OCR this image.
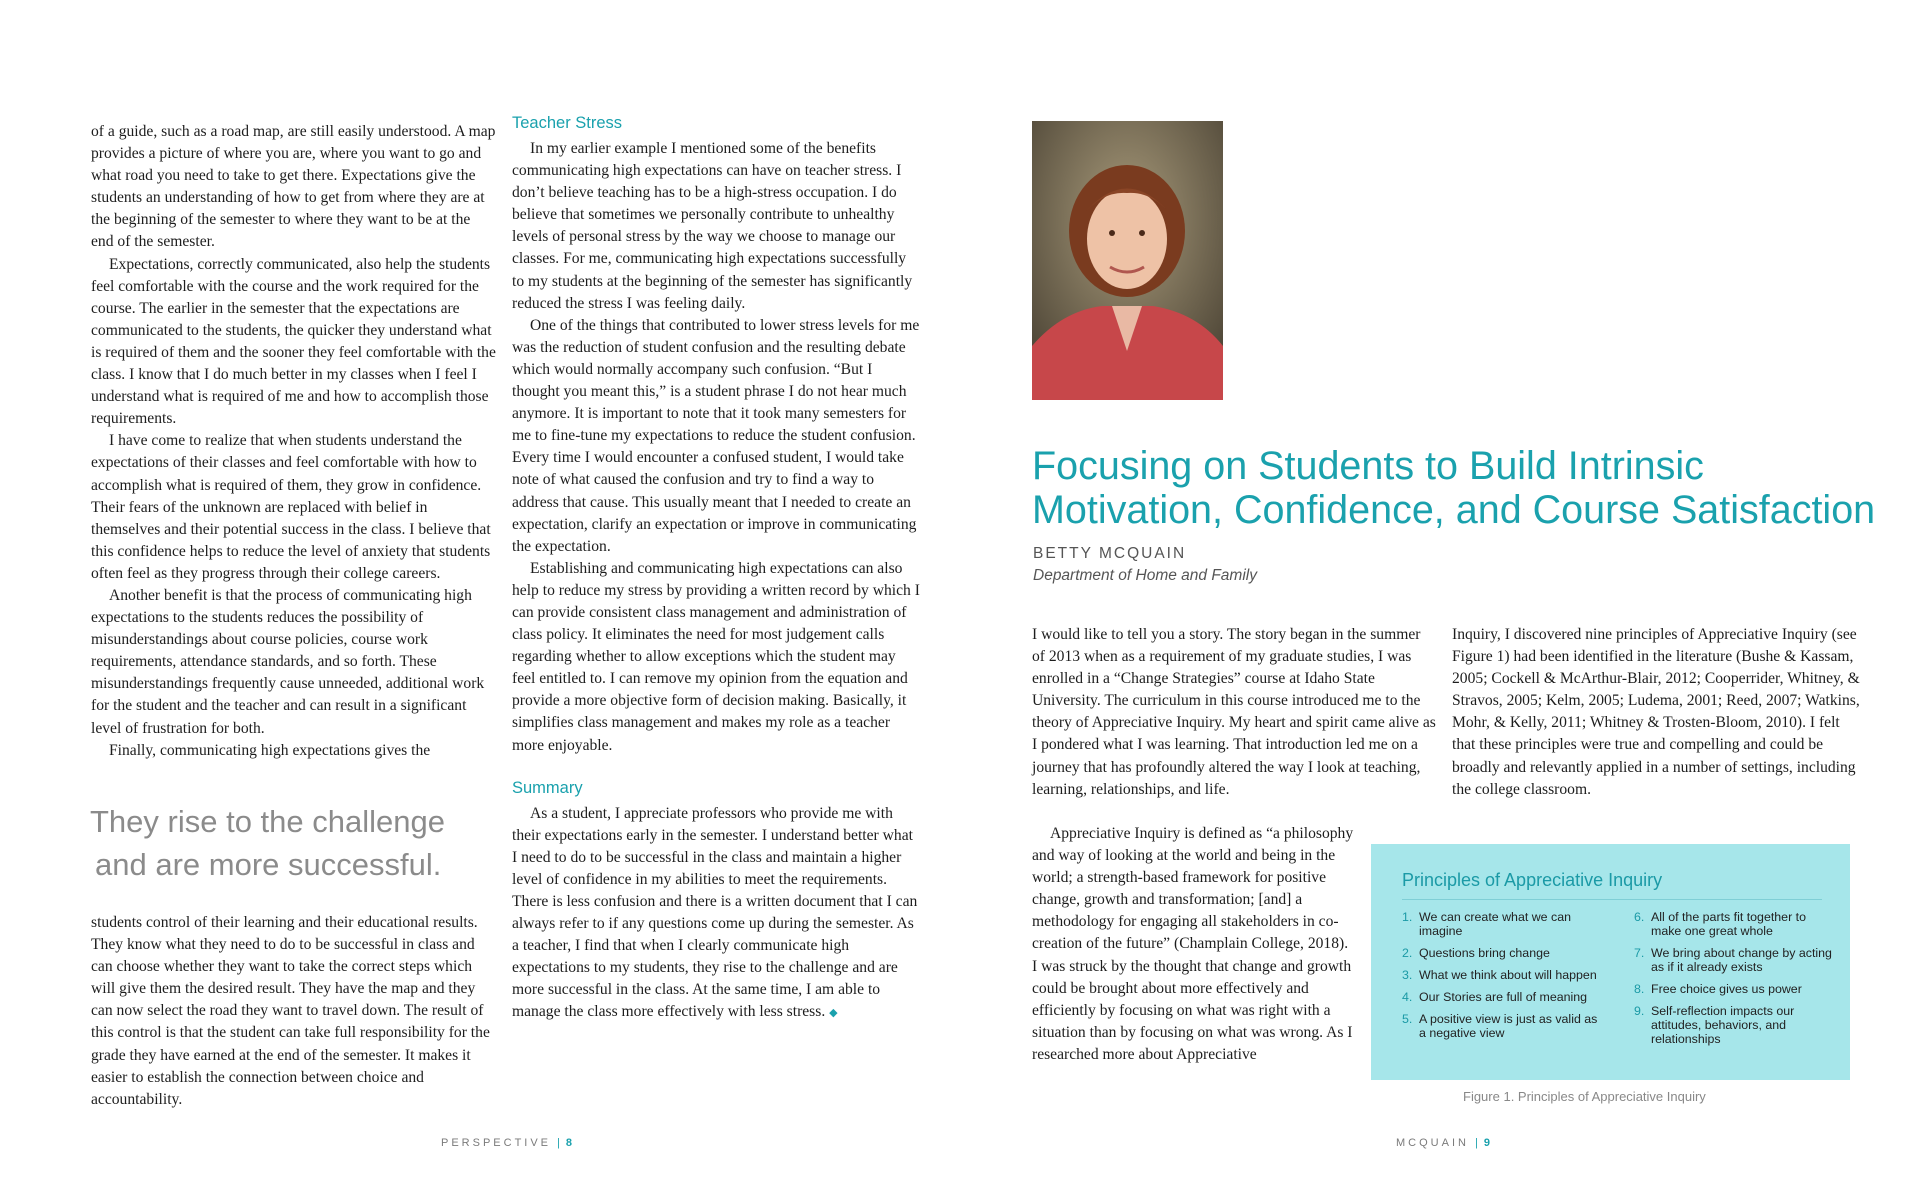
of a guide, such as a road map, are still easily understood. A map provides a picture of where you are, where you want to go and what road you need to take to get there. Expectations give the students an understanding of how to get from where they are at the beginning of the semester to where they want to be at the end of the semester.

Expectations, correctly communicated, also help the students feel comfortable with the course and the work required for the course. The earlier in the semester that the expectations are communicated to the students, the quicker they understand what is required of them and the sooner they feel comfortable with the class. I know that I do much better in my classes when I feel I understand what is required of me and how to accomplish those requirements.

I have come to realize that when students understand the expectations of their classes and feel comfortable with how to accomplish what is required of them, they grow in confidence. Their fears of the unknown are replaced with belief in themselves and their potential success in the class. I believe that this confidence helps to reduce the level of anxiety that students often feel as they progress through their college careers.

Another benefit is that the process of communicating high expectations to the students reduces the possibility of misunderstandings about course policies, course work requirements, attendance standards, and so forth. These misunderstandings frequently cause unneeded, additional work for the student and the teacher and can result in a significant level of frustration for both.

Finally, communicating high expectations gives the

They rise to the challenge
and are more successful.

students control of their learning and their educational results. They know what they need to do to be successful in class and can choose whether they want to take the correct steps which will give them the desired result. They have the map and they can now select the road they want to travel down. The result of this control is that the student can take full responsibility for the grade they have earned at the end of the semester. It makes it easier to establish the connection between choice and accountability.

Teacher Stress

In my earlier example I mentioned some of the benefits communicating high expectations can have on teacher stress. I don’t believe teaching has to be a high-stress occupation. I do believe that sometimes we personally contribute to unhealthy levels of personal stress by the way we choose to manage our classes. For me, communicating high expectations successfully to my students at the beginning of the semester has significantly reduced the stress I was feeling daily.

One of the things that contributed to lower stress levels for me was the reduction of student confusion and the resulting debate which would normally accompany such confusion. “But I thought you meant this,” is a student phrase I do not hear much anymore. It is important to note that it took many semesters for me to fine-tune my expectations to reduce the student confusion. Every time I would encounter a confused student, I would take note of what caused the confusion and try to find a way to address that cause. This usually meant that I needed to create an expectation, clarify an expectation or improve in communicating the expectation.

Establishing and communicating high expectations can also help to reduce my stress by providing a written record by which I can provide consistent class management and administration of class policy. It eliminates the need for most judgement calls regarding whether to allow exceptions which the student may feel entitled to. I can remove my opinion from the equation and provide a more objective form of decision making. Basically, it simplifies class management and makes my role as a teacher more enjoyable.

Summary

As a student, I appreciate professors who provide me with their expectations early in the semester. I understand better what I need to do to be successful in the class and maintain a higher level of confidence in my abilities to meet the requirements. There is less confusion and there is a written document that I can always refer to if any questions come up during the semester. As a teacher, I find that when I clearly communicate high expectations to my students, they rise to the challenge and are more successful in the class. At the same time, I am able to manage the class more effectively with less stress. ◆

PERSPECTIVE | 8
Focusing on Students to Build Intrinsic Motivation, Confidence, and Course Satisfaction
BETTY MCQUAIN
Department of Home and Family

I would like to tell you a story. The story began in the summer of 2013 when as a requirement of my graduate studies, I was enrolled in a “Change Strategies” course at Idaho State University. The curriculum in this course introduced me to the theory of Appreciative Inquiry. My heart and spirit came alive as I pondered what I was learning. That introduction led me on a journey that has profoundly altered the way I look at teaching, learning, relationships, and life.

Appreciative Inquiry is defined as “a philosophy and way of looking at the world and being in the world; a strength-based framework for positive change, growth and transformation; [and] a methodology for engaging all stakeholders in co-creation of the future” (Champlain College, 2018). I was struck by the thought that change and growth could be brought about more effectively and efficiently by focusing on what was right with a situation than by focusing on what was wrong. As I researched more about Appreciative

Inquiry, I discovered nine principles of Appreciative Inquiry (see Figure 1) had been identified in the literature (Bushe & Kassam, 2005; Cockell & McArthur-Blair, 2012; Cooperrider, Whitney, & Stravos, 2005; Kelm, 2005; Ludema, 2001; Reed, 2007; Watkins, Mohr, & Kelly, 2011; Whitney & Trosten-Bloom, 2010). I felt that these principles were true and compelling and could be broadly and relevantly applied in a number of settings, including the college classroom.

Principles of Appreciative Inquiry
1. We can create what we can imagine
2. Questions bring change
3. What we think about will happen
4. Our Stories are full of meaning
5. A positive view is just as valid as a negative view
6. All of the parts fit together to make one great whole
7. We bring about change by acting as if it already exists
8. Free choice gives us power
9. Self-reflection impacts our attitudes, behaviors, and relationships
Figure 1. Principles of Appreciative Inquiry
MCQUAIN | 9
